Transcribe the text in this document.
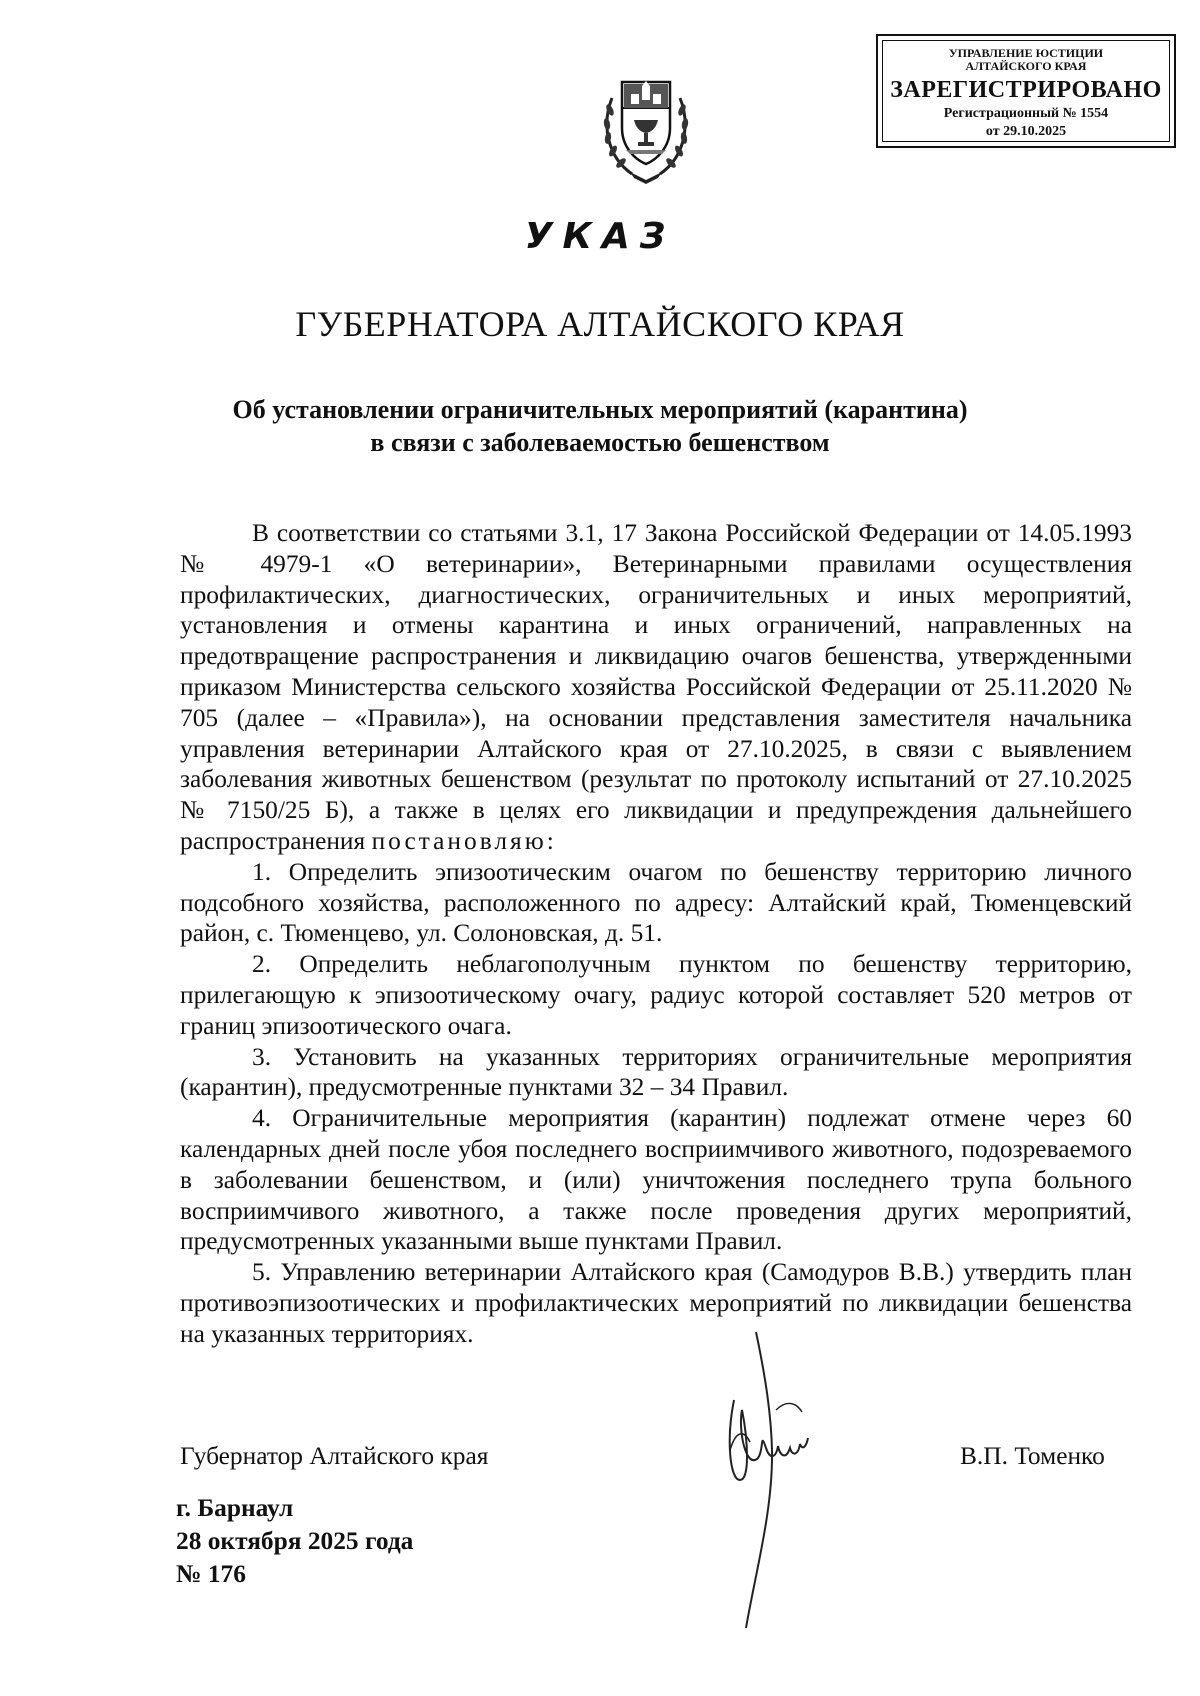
УПРАВЛЕНИЕ ЮСТИЦИИ
АЛТАЙСКОГО КРАЯ
ЗАРЕГИСТРИРОВАНО
Регистрационный № 1554
от 29.10.2025
УКАЗ
ГУБЕРНАТОРА АЛТАЙСКОГО КРАЯ
Об установлении ограничительных мероприятий (карантина)
в связи с заболеваемостью бешенством

В соответствии со статьями 3.1, 17 Закона Российской Федерации от 14.05.1993 № 4979-1 «О ветеринарии», Ветеринарными правилами осуществления профилактических, диагностических, ограничительных и иных мероприятий, установления и отмены карантина и иных ограничений, направленных на предотвращение распространения и ликвидацию очагов бешенства, утвержденными приказом Министерства сельского хозяйства Российской Федерации от 25.11.2020 № 705 (далее – «Правила»), на основании представления заместителя начальника управления ветеринарии Алтайского края от 27.10.2025, в связи с выявлением заболевания животных бешенством (результат по протоколу испытаний от 27.10.2025 № 7150/25 Б), а также в целях его ликвидации и предупреждения дальнейшего распространения постановляю:

1. Определить эпизоотическим очагом по бешенству территорию личного подсобного хозяйства, расположенного по адресу: Алтайский край, Тюменцевский район, с. Тюменцево, ул. Солоновская, д. 51.

2. Определить неблагополучным пунктом по бешенству территорию, прилегающую к эпизоотическому очагу, радиус которой составляет 520 метров от границ эпизоотического очага.

3. Установить на указанных территориях ограничительные мероприятия (карантин), предусмотренные пунктами 32 – 34 Правил.

4. Ограничительные мероприятия (карантин) подлежат отмене через 60 календарных дней после убоя последнего восприимчивого животного, подозреваемого в заболевании бешенством, и (или) уничтожения последнего трупа больного восприимчивого животного, а также после проведения других мероприятий, предусмотренных указанными выше пунктами Правил.

5. Управлению ветеринарии Алтайского края (Самодуров В.В.) утвердить план противоэпизоотических и профилактических мероприятий по ликвидации бешенства на указанных территориях.

Губернатор Алтайского края	В.П. Томенко
г. Барнаул
28 октября 2025 года
№ 176
